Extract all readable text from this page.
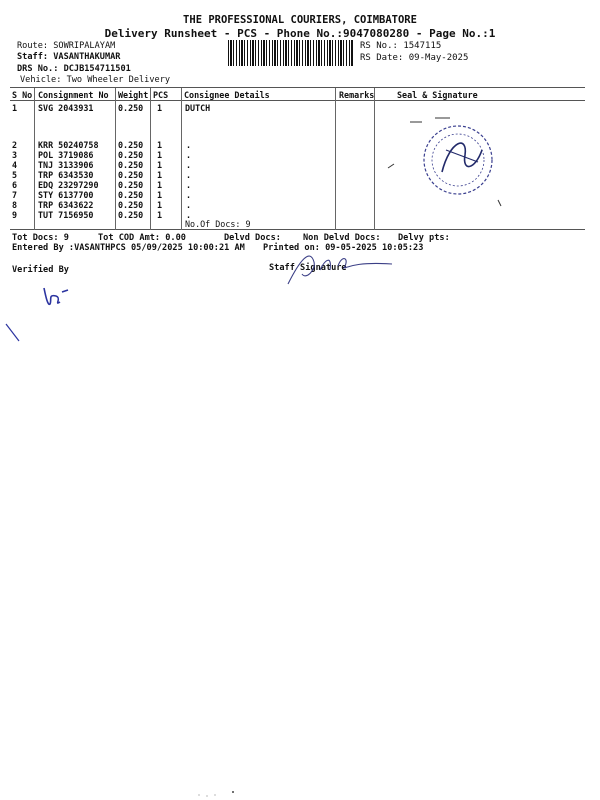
THE PROFESSIONAL COURIERS, COIMBATORE
Delivery Runsheet - PCS - Phone No.:9047080280 - Page No.:1
Route: SOWRIPALAYAM
Staff: VASANTHAKUMAR
DRS No.: DCJB154711501
Vehicle: Two Wheeler Delivery
RS No.: 1547115
RS Date: 09-May-2025
S No Consignment No Weight PCS Consignee Details	Remarks	Seal & Signature
1 SVG 2043931	0.250 1	DUTCH
2 KRR 50240758 0.250 1	.
3 POL 3719086	0.250 1	.
4 TNJ 3133906	0.250 1	.
5 TRP 6343530	0.250 1	.
6 EDQ 23297290 0.250 1	.
7 STY 6137700	0.250 1	.
8 TRP 6343622	0.250 1	.
9 TUT 7156950	0.250 1	.
No.Of Docs: 9
Tot Docs: 9	Tot COD Amt: 0.00	Delvd Docs:	Non Delvd Docs: Delvy pts:
Entered By :VASANTHPCS 05/09/2025 10:00:21 AM Printed on: 09-05-2025 10:05:23
Verified By	Staff Signature
